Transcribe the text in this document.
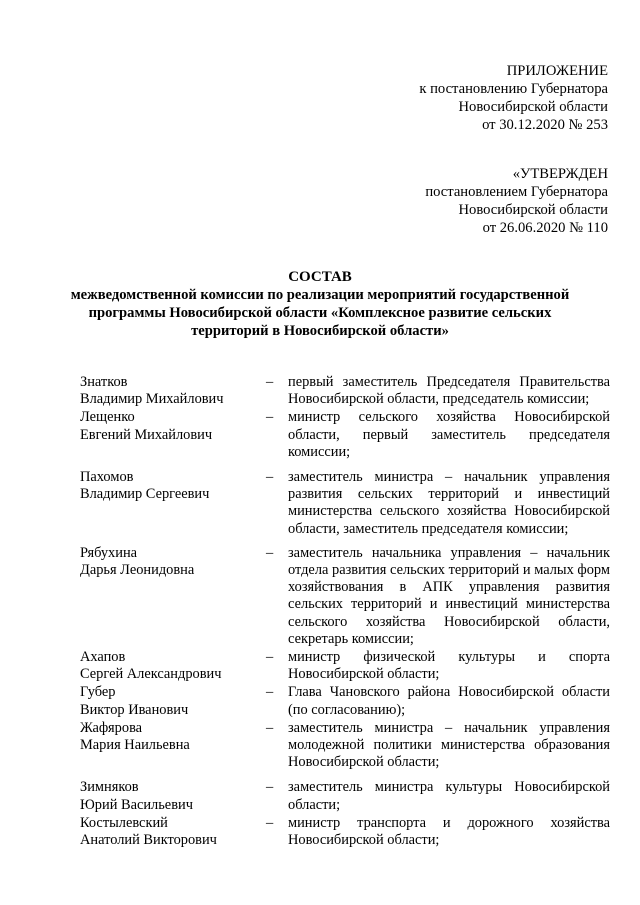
ПРИЛОЖЕНИЕ
к постановлению Губернатора
Новосибирской области
от 30.12.2020 № 253
«УТВЕРЖДЕН
постановлением Губернатора
Новосибирской области
от 26.06.2020 № 110
СОСТАВ
межведомственной комиссии по реализации мероприятий государственной
программы Новосибирской области «Комплексное развитие сельских
территорий в Новосибирской области»
Знатков
Владимир Михайлович
– первый заместитель Председателя Правительства Новосибирской области, председатель комиссии;
Лещенко
Евгений Михайлович
– министр сельского хозяйства Новосибирской области, первый заместитель председателя комиссии;
Пахомов
Владимир Сергеевич
– заместитель министра – начальник управления развития сельских территорий и инвестиций министерства сельского хозяйства Новосибирской области, заместитель председателя комиссии;
Рябухина
Дарья Леонидовна
– заместитель начальника управления – начальник отдела развития сельских территорий и малых форм хозяйствования в АПК управления развития сельских территорий и инвестиций министерства сельского хозяйства Новосибирской области, секретарь комиссии;
Ахапов
Сергей Александрович
– министр физической культуры и спорта Новосибирской области;
Губер
Виктор Иванович
– Глава Чановского района Новосибирской области (по согласованию);
Жафярова
Мария Наильевна
– заместитель министра – начальник управления молодежной политики министерства образования Новосибирской области;
Зимняков
Юрий Васильевич
– заместитель министра культуры Новосибирской области;
Костылевский
Анатолий Викторович
– министр транспорта и дорожного хозяйства Новосибирской области;
